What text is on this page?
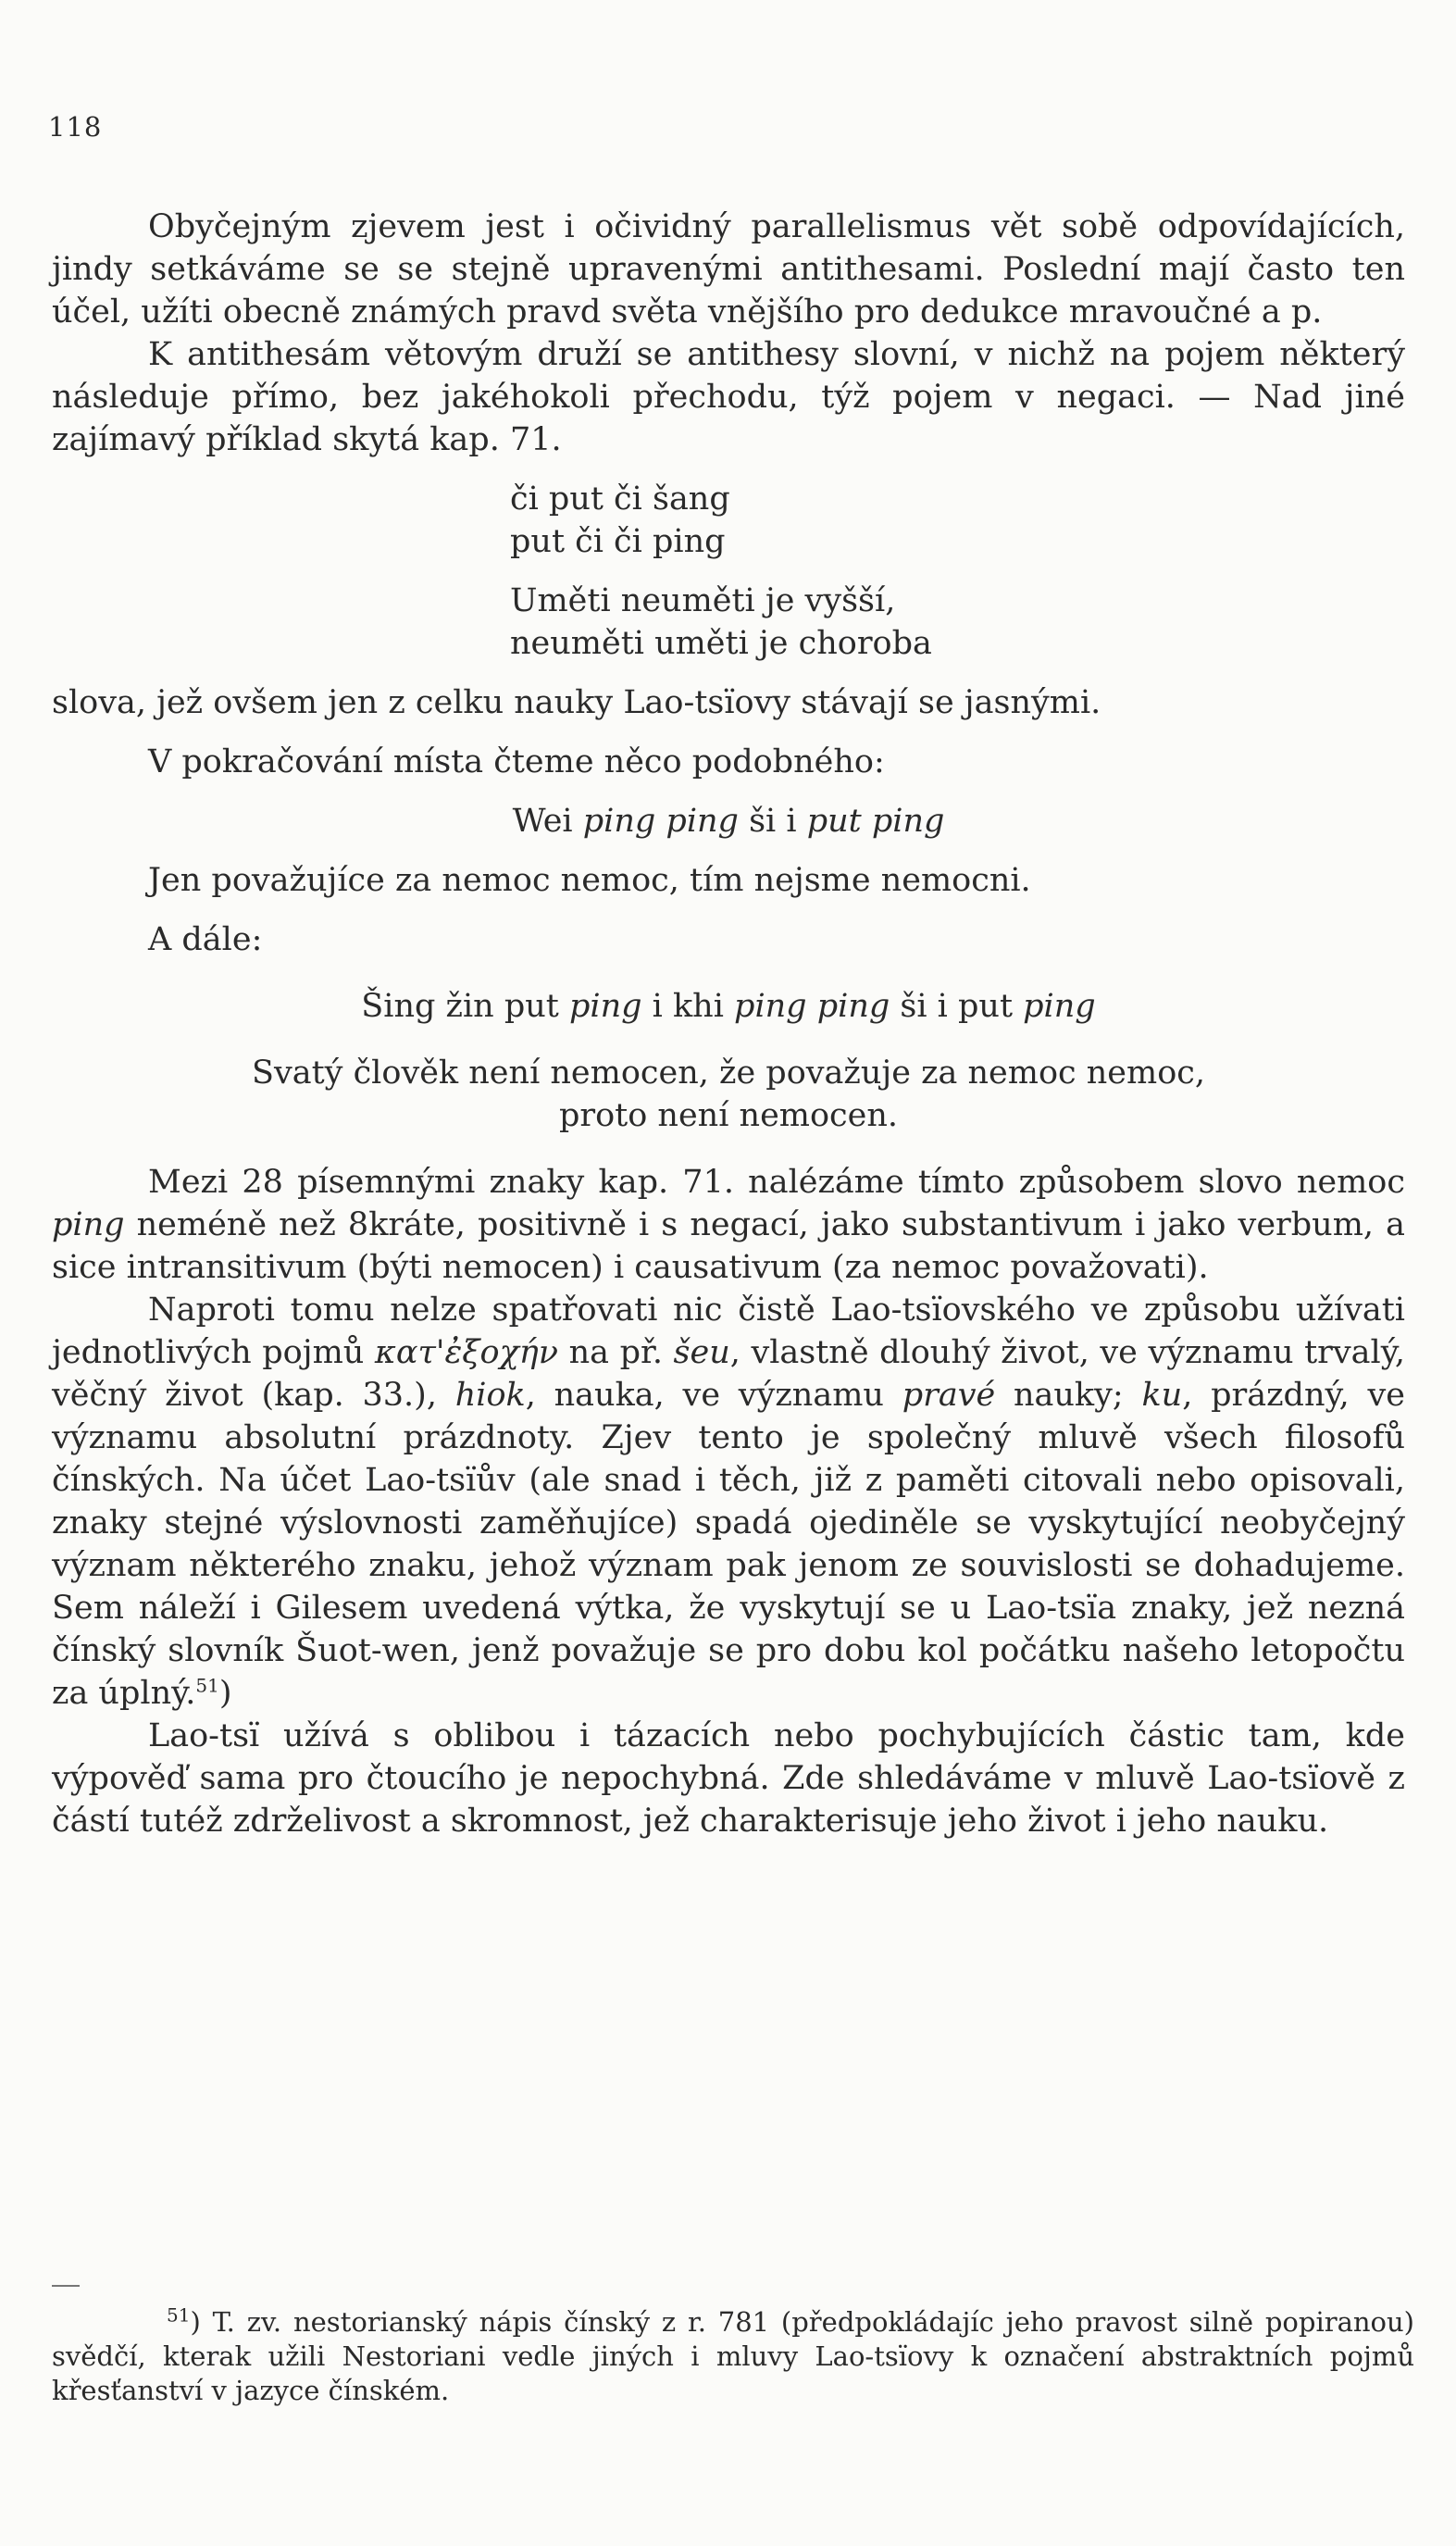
118

Obyčejným zjevem jest i očividný parallelismus vět sobě odpovídajících, jindy setkáváme se se stejně upravenými antithesami. Poslední mají často ten účel, užíti obecně známých pravd světa vnějšího pro dedukce mravoučné a p.

K antithesám větovým druží se antithesy slovní, v nichž na pojem některý následuje přímo, bez jakéhokoli přechodu, týž pojem v negaci. — Nad jiné zajímavý příklad skytá kap. 71.

či put či šang

put či či ping

Uměti neuměti je vyšší,

neuměti uměti je choroba

slova, jež ovšem jen z celku nauky Lao-tsïovy stávají se jasnými.

V pokračování místa čteme něco podobného:

Wei ping ping ši i put ping

Jen považujíce za nemoc nemoc, tím nejsme nemocni.

A dále:

Šing žin put ping i khi ping ping ši i put ping

Svatý člověk není nemocen, že považuje za nemoc nemoc,

proto není nemocen.

Mezi 28 písemnými znaky kap. 71. nalézáme tímto způsobem slovo nemoc ping neméně než 8kráte, positivně i s negací, jako substantivum i jako verbum, a sice intransitivum (býti nemocen) i causativum (za nemoc považovati).

Naproti tomu nelze spatřovati nic čistě Lao-tsïovského ve způsobu užívati jednotlivých pojmů κατ'ἐξοχήν na př. šeu, vlastně dlouhý život, ve významu trvalý, věčný život (kap. 33.), hiok, nauka, ve významu pravé nauky; ku, prázdný, ve významu absolutní prázdnoty. Zjev tento je společný mluvě všech filosofů čínských. Na účet Lao-tsïův (ale snad i těch, již z paměti citovali nebo opisovali, znaky stejné výslovnosti zaměňujíce) spadá ojediněle se vyskytující neobyčejný význam některého znaku, jehož význam pak jenom ze souvislosti se dohadujeme. Sem náleží i Gilesem uvedená výtka, že vyskytují se u Lao-tsïa znaky, jež nezná čínský slovník Šuot-wen, jenž považuje se pro dobu kol počátku našeho letopočtu za úplný.$^{51}$)

Lao-tsï užívá s oblibou i tázacích nebo pochybujících částic tam, kde výpověď sama pro čtoucího je nepochybná. Zde shledáváme v mluvě Lao-tsïově z částí tutéž zdrželivost a skromnost, jež charakterisuje jeho život i jeho nauku.

$^{51}$) T. zv. nestorianský nápis čínský z r. 781 (předpokládajíc jeho pravost silně popiranou) svědčí, kterak užili Nestoriani vedle jiných i mluvy Lao-tsïovy k označení abstraktních pojmů křesťanství v jazyce čínském.
